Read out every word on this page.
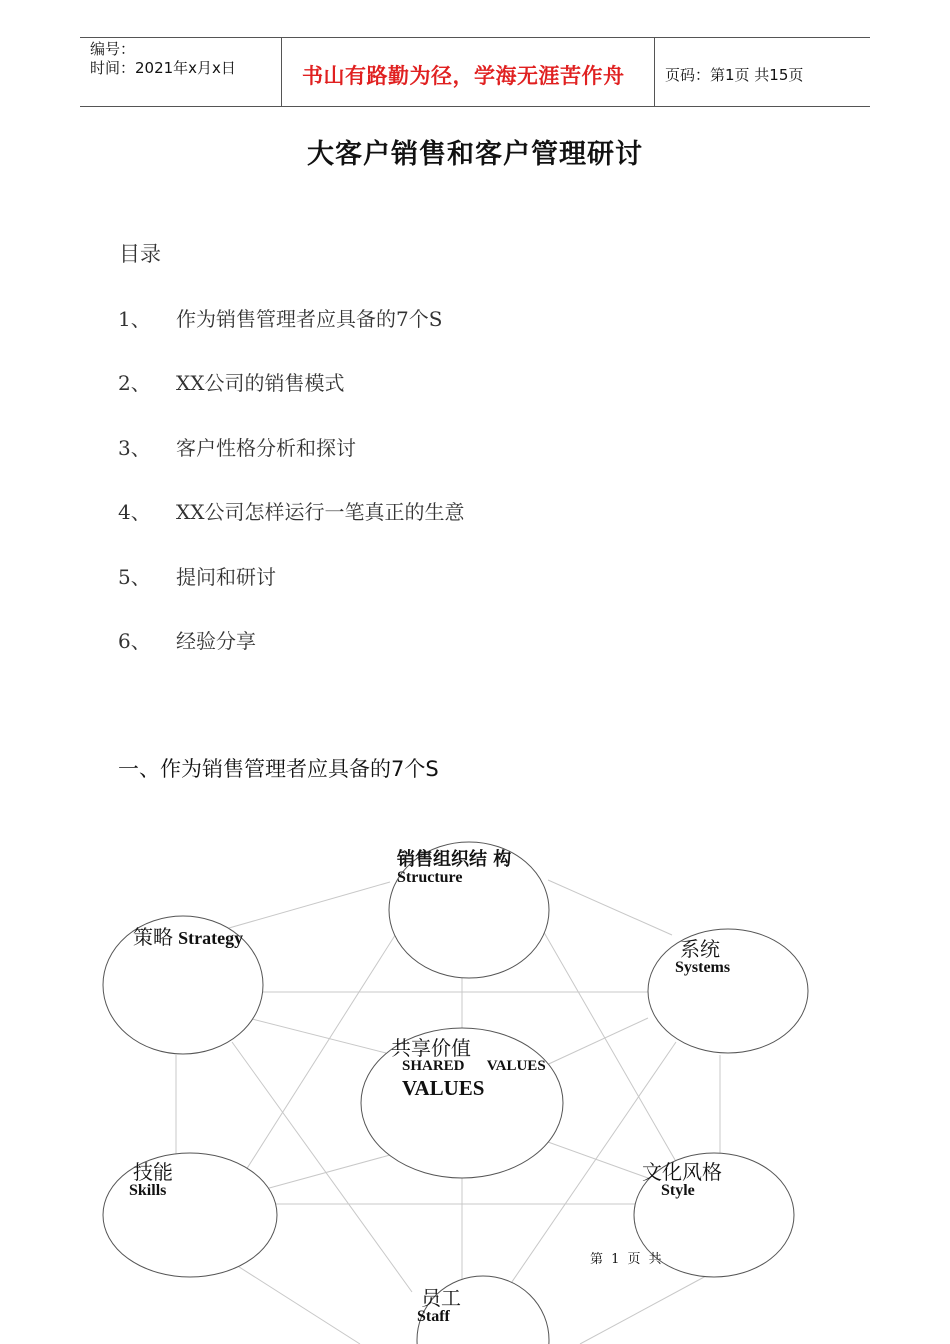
编号：
时间：2021年x月x日	书山有路勤为径，学海无涯苦作舟	页码：第1页 共15页
大客户销售和客户管理研讨
目录
1、	作为销售管理者应具备的7个S
2、	XX公司的销售模式
3、	客户性格分析和探讨
4、	XX公司怎样运行一笔真正的生意
5、	提问和研讨
6、	经验分享
一、作为销售管理者应具备的7个S
销售组织结 构
Structure
策略 Strategy	系统
Systems
共享价值
SHARED      VALUES
VALUES
技能
Skills
文化风格
Style
员工
Staff
第 1 页 共
